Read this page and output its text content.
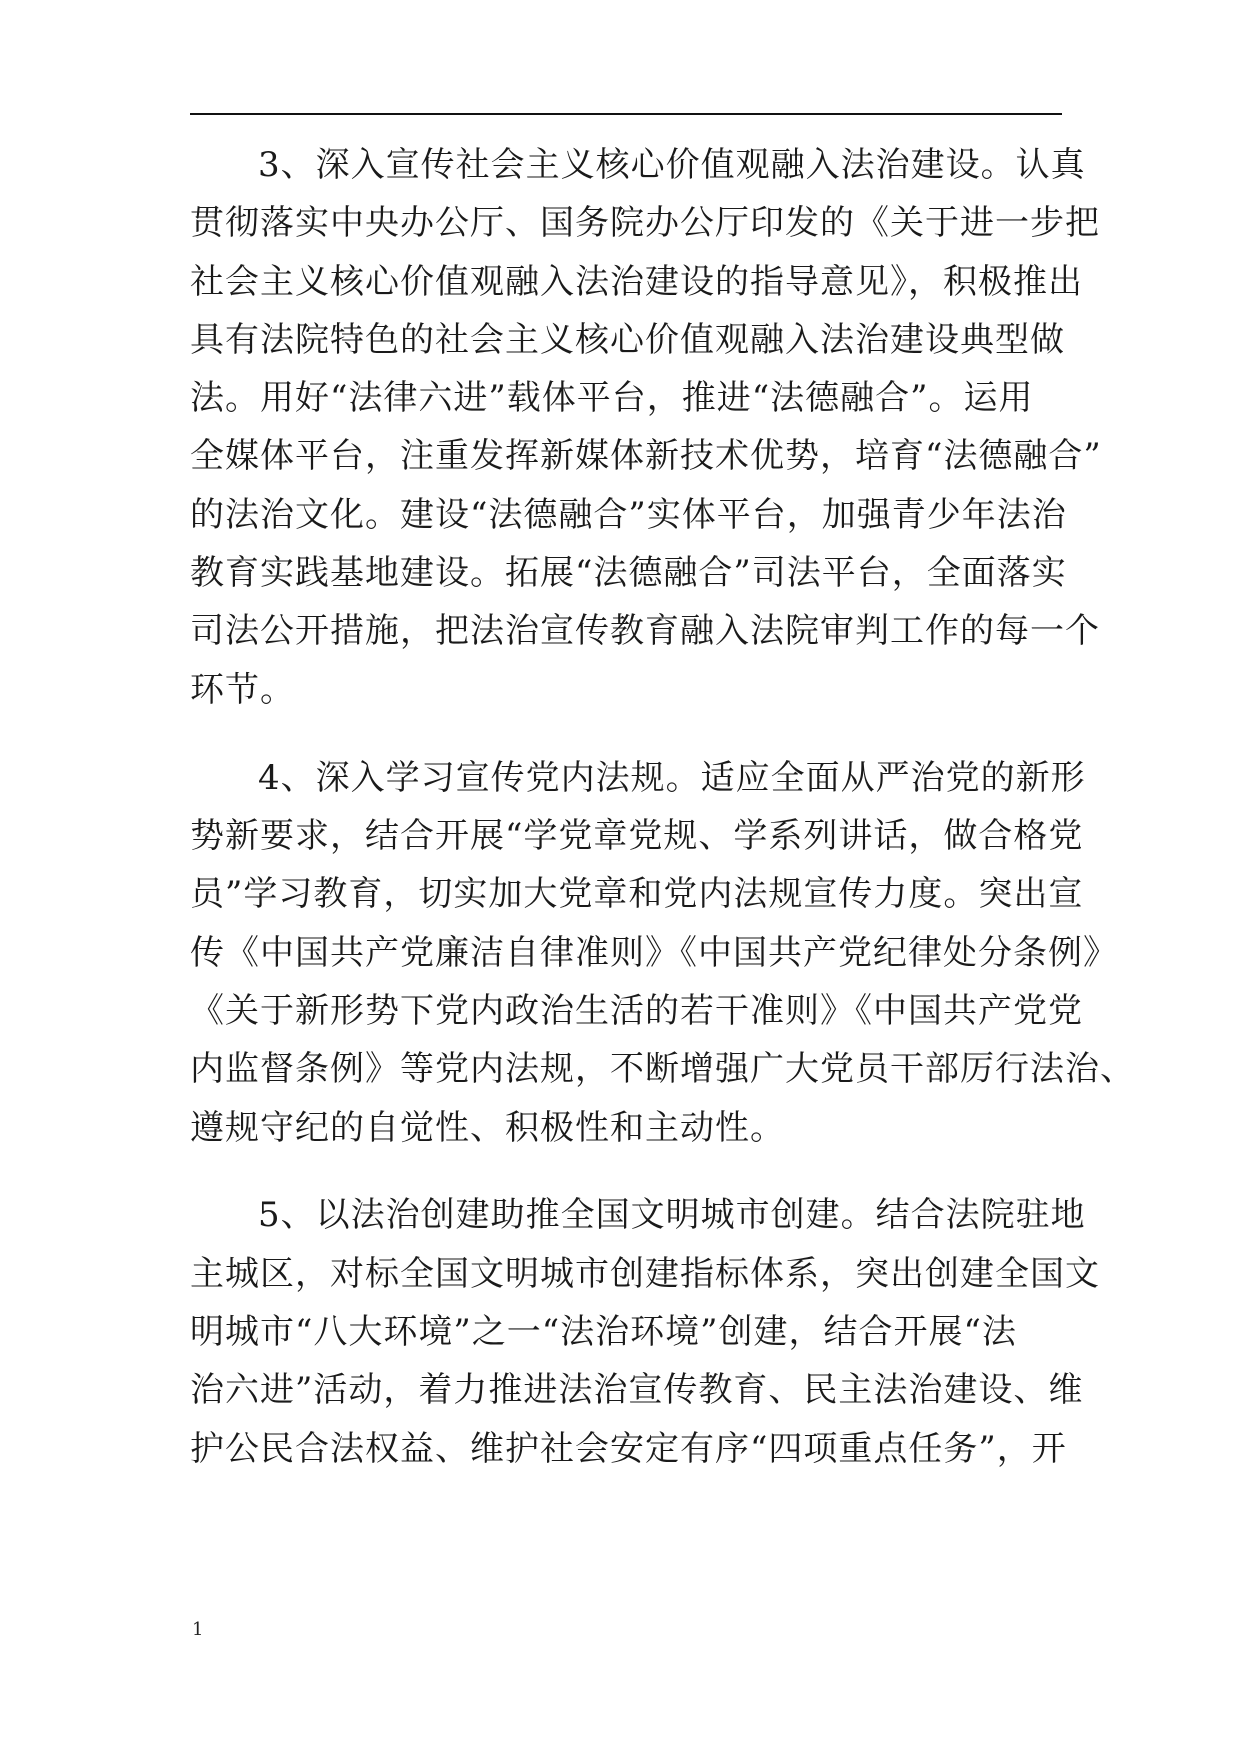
3、深入宣传社会主义核心价值观融入法治建设。认真
贯彻落实中央办公厅、国务院办公厅印发的《关于进一步把
社会主义核心价值观融入法治建设的指导意见》，积极推出
具有法院特色的社会主义核心价值观融入法治建设典型做
法。用好“法律六进”载体平台，推进“法德融合”。运用
全媒体平台，注重发挥新媒体新技术优势，培育“法德融合”
的法治文化。建设“法德融合”实体平台，加强青少年法治
教育实践基地建设。拓展“法德融合”司法平台，全面落实
司法公开措施，把法治宣传教育融入法院审判工作的每一个
环节。
4、深入学习宣传党内法规。适应全面从严治党的新形
势新要求，结合开展“学党章党规、学系列讲话，做合格党
员”学习教育，切实加大党章和党内法规宣传力度。突出宣
传《中国共产党廉洁自律准则》《中国共产党纪律处分条例》
《关于新形势下党内政治生活的若干准则》《中国共产党党
内监督条例》等党内法规，不断增强广大党员干部厉行法治、
遵规守纪的自觉性、积极性和主动性。
5、以法治创建助推全国文明城市创建。结合法院驻地
主城区，对标全国文明城市创建指标体系，突出创建全国文
明城市“八大环境”之一“法治环境”创建，结合开展“法
治六进”活动，着力推进法治宣传教育、民主法治建设、维
护公民合法权益、维护社会安定有序“四项重点任务”，开
1
